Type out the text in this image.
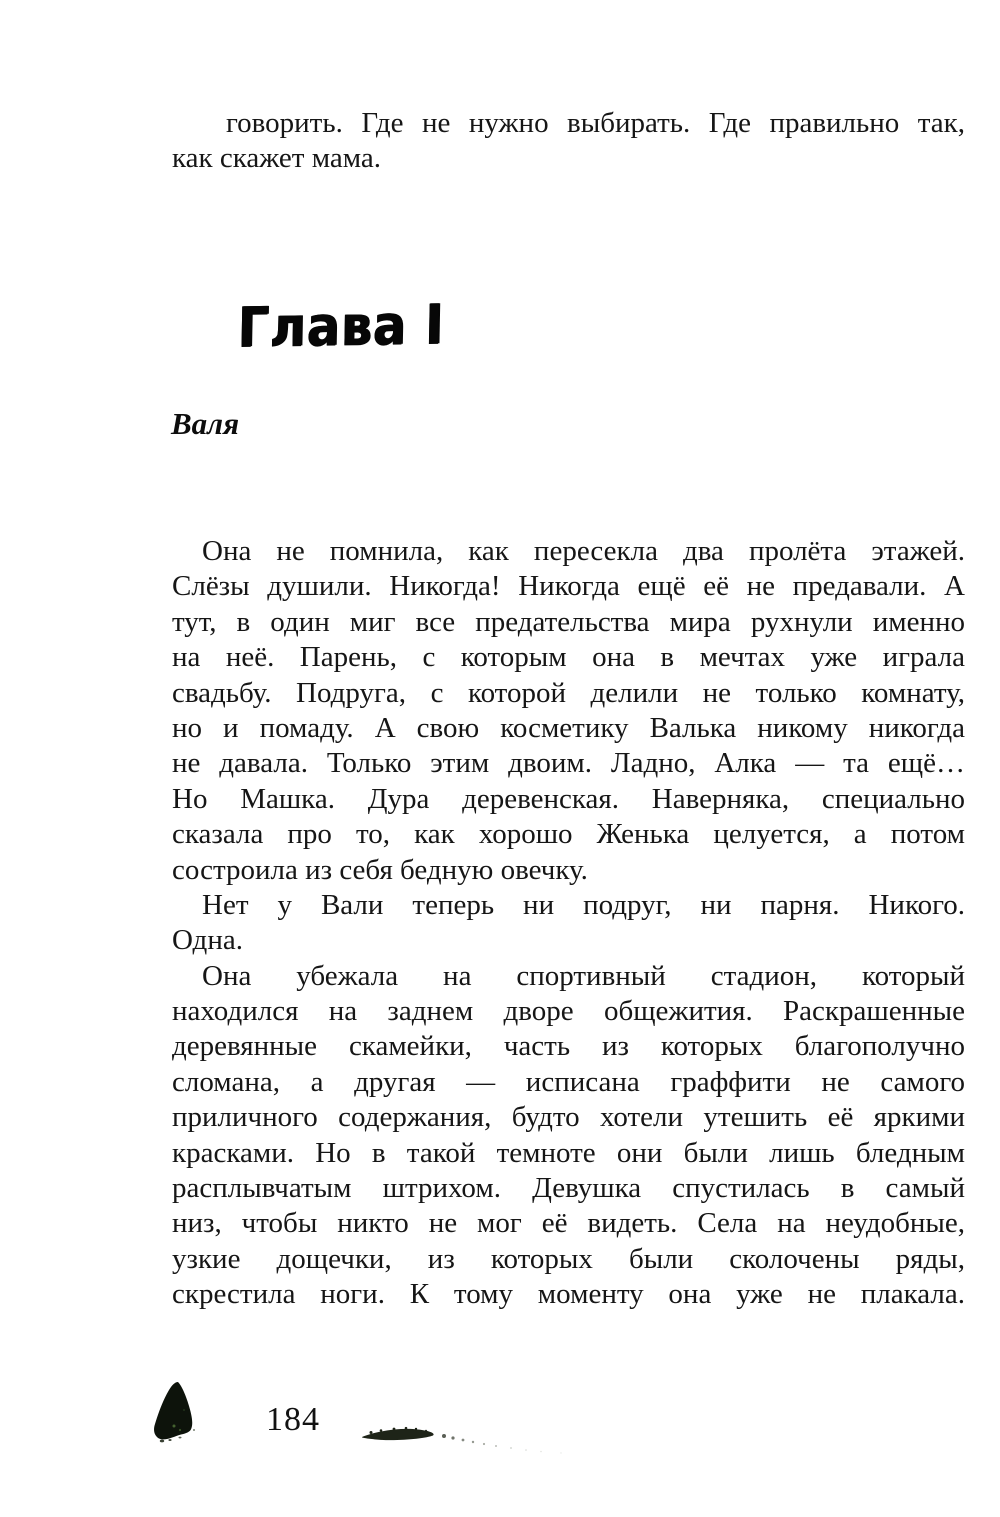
говорить. Где не нужно выбирать. Где правильно так,
как скажет мама.
Глава I
Валя
Она не помнила, как пересекла два пролёта этажей.
Слёзы душили. Никогда! Никогда ещё её не предавали. А
тут, в один миг все предательства мира рухнули именно
на неё. Парень, с которым она в мечтах уже играла
свадьбу. Подруга, с которой делили не только комнату,
но и помаду. А свою косметику Валька никому никогда
не давала. Только этим двоим. Ладно, Алка — та ещё…
Но Машка. Дура деревенская. Наверняка, специально
сказала про то, как хорошо Женька целуется, а потом
состроила из себя бедную овечку.
Нет у Вали теперь ни подруг, ни парня. Никого.
Одна.
Она убежала на спортивный стадион, который
находился на заднем дворе общежития. Раскрашенные
деревянные скамейки, часть из которых благополучно
сломана, а другая — исписана граффити не самого
приличного содержания, будто хотели утешить её яркими
красками. Но в такой темноте они были лишь бледным
расплывчатым штрихом. Девушка спустилась в самый
низ, чтобы никто не мог её видеть. Села на неудобные,
узкие дощечки, из которых были сколочены ряды,
скрестила ноги. К тому моменту она уже не плакала.
184
